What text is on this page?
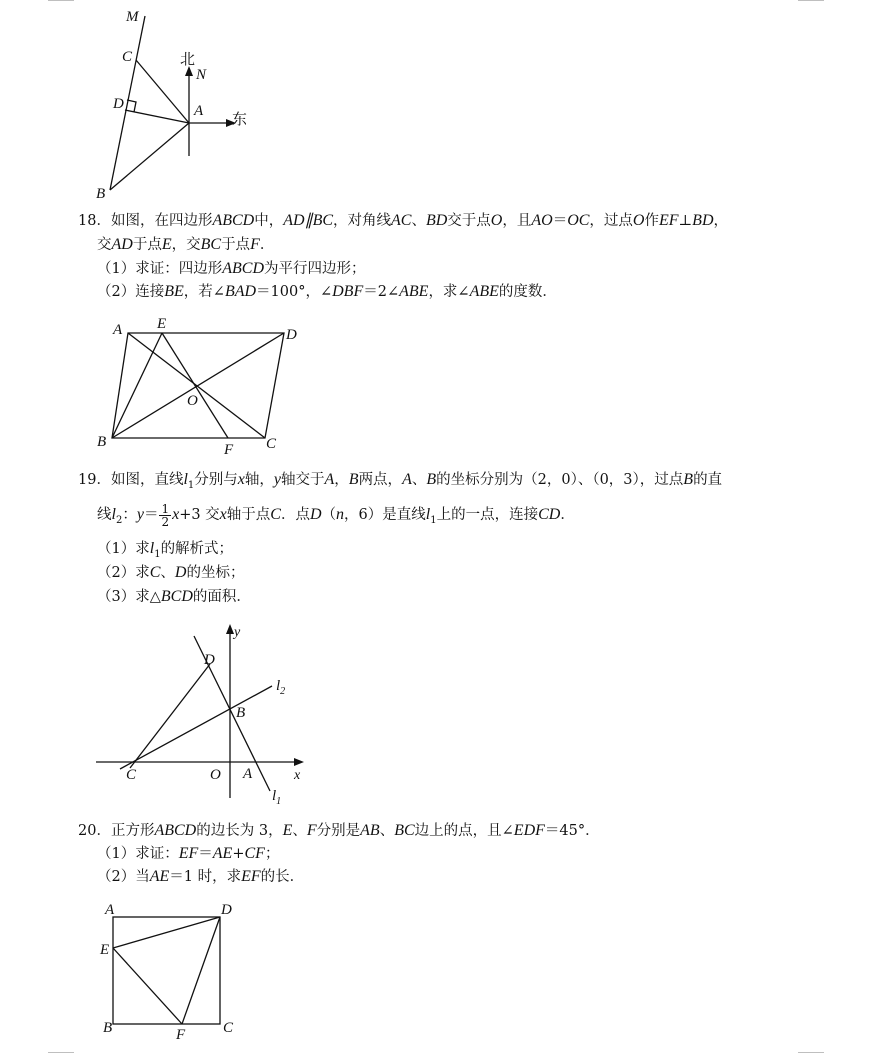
M
C
D	A
B
N
北
东
18．如图，在四边形ABCD中，AD∥BC，对角线AC、BD交于点O，且AO＝OC，过点O作EF⊥BD，
交AD于点E，交BC于点F．
（1）求证：四边形ABCD为平行四边形；
（2）连接BE，若∠BAD＝100°，∠DBF＝2∠ABE，求∠ABE的度数．
A E
D
O
B	F C
19．如图，直线$l_1$分别与x轴，y轴交于A，B两点，A、B的坐标分别为（2，0）、（0，3），过点B的直
线$l_2$：$y= \frac{1}{2} x+3$ 交x轴于点C．点D（n，6）是直线$l_1$上的一点，连接CD．
（1）求$l_1$的解析式；
（2）求C、D的坐标；
（3）求△BCD的面积．
y
D
$l_2$
B
C	O A	x
$l_1$
20．正方形ABCD的边长为 3，E、F分别是AB、BC边上的点，且∠EDF＝45°．
（1）求证：EF＝AE+CF；
（2）当AE＝1 时，求EF的长．
A	D
E
B	F	C
